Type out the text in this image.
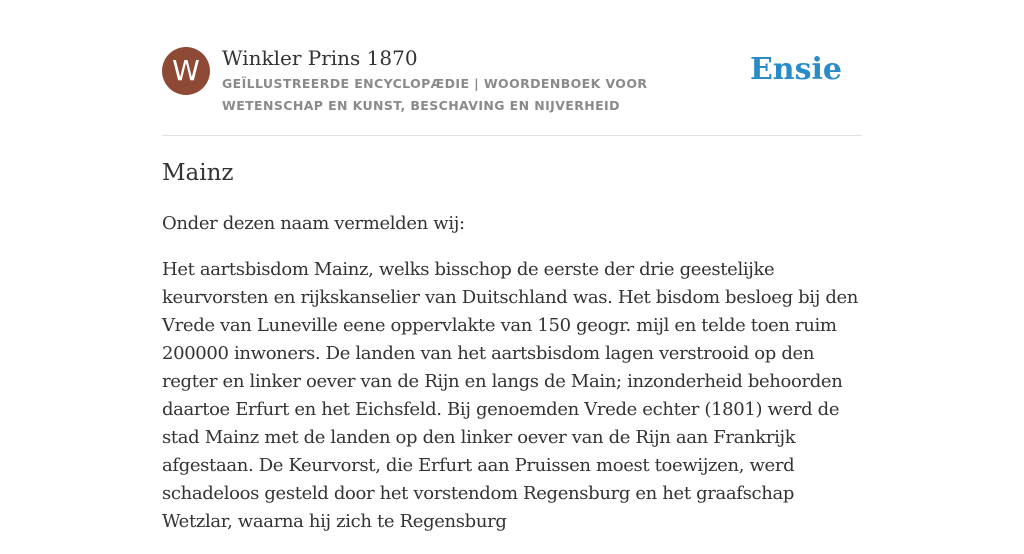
W	Winkler Prins 1870
GEÏLLUSTREERDE ENCYCLOPÆDIE | WOORDENBOEK VOOR WETENSCHAP EN KUNST, BESCHAVING EN NIJVERHEID
Ensie
Mainz

Onder dezen naam vermelden wij:

Het aartsbisdom Mainz, welks bisschop de eerste der drie geestelijke keurvorsten en rijkskanselier van Duitschland was. Het bisdom besloeg bij den Vrede van Luneville eene oppervlakte van 150 geogr. mijl en telde toen ruim 200000 inwoners. De landen van het aartsbisdom lagen verstrooid op den regter en linker oever van de Rijn en langs de Main; inzonderheid behoorden daartoe Erfurt en het Eichsfeld. Bij genoemden Vrede echter (1801) werd de stad Mainz met de landen op den linker oever van de Rijn aan Frankrijk afgestaan. De Keurvorst, die Erfurt aan Pruissen moest toewijzen, werd schadeloos gesteld door het vorstendom Regensburg en het graafschap Wetzlar, waarna hij zich te Regensburg
